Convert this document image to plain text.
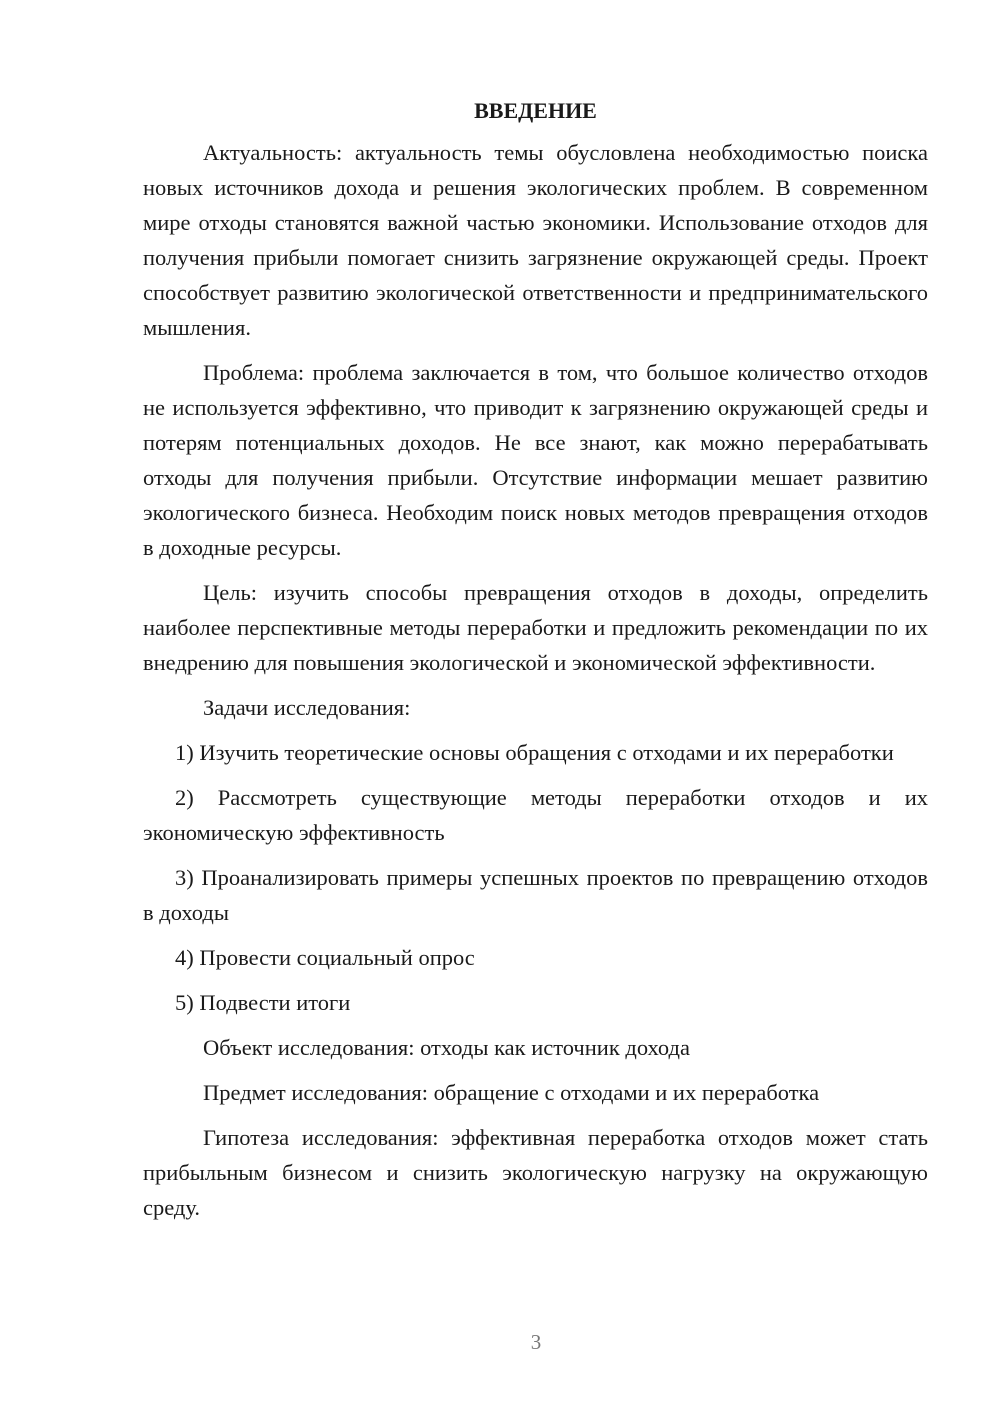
ВВЕДЕНИЕ

Актуальность: актуальность темы обусловлена необходимостью поиска новых источников дохода и решения экологических проблем. В современном мире отходы становятся важной частью экономики. Использование отходов для получения прибыли помогает снизить загрязнение окружающей среды. Проект способствует развитию экологической ответственности и предпринимательского мышления.

Проблема: проблема заключается в том, что большое количество отходов не используется эффективно, что приводит к загрязнению окружающей среды и потерям потенциальных доходов. Не все знают, как можно перерабатывать отходы для получения прибыли. Отсутствие информации мешает развитию экологического бизнеса. Необходим поиск новых методов превращения отходов в доходные ресурсы.

Цель: изучить способы превращения отходов в доходы, определить наиболее перспективные методы переработки и предложить рекомендации по их внедрению для повышения экологической и экономической эффективности.

Задачи исследования:

1) Изучить теоретические основы обращения с отходами и их переработки

2) Рассмотреть существующие методы переработки отходов и их экономическую эффективность

3) Проанализировать примеры успешных проектов по превращению отходов в доходы

4) Провести социальный опрос

5) Подвести итоги

Объект исследования: отходы как источник дохода

Предмет исследования: обращение с отходами и их переработка

Гипотеза исследования: эффективная переработка отходов может стать прибыльным бизнесом и снизить экологическую нагрузку на окружающую среду.

3
